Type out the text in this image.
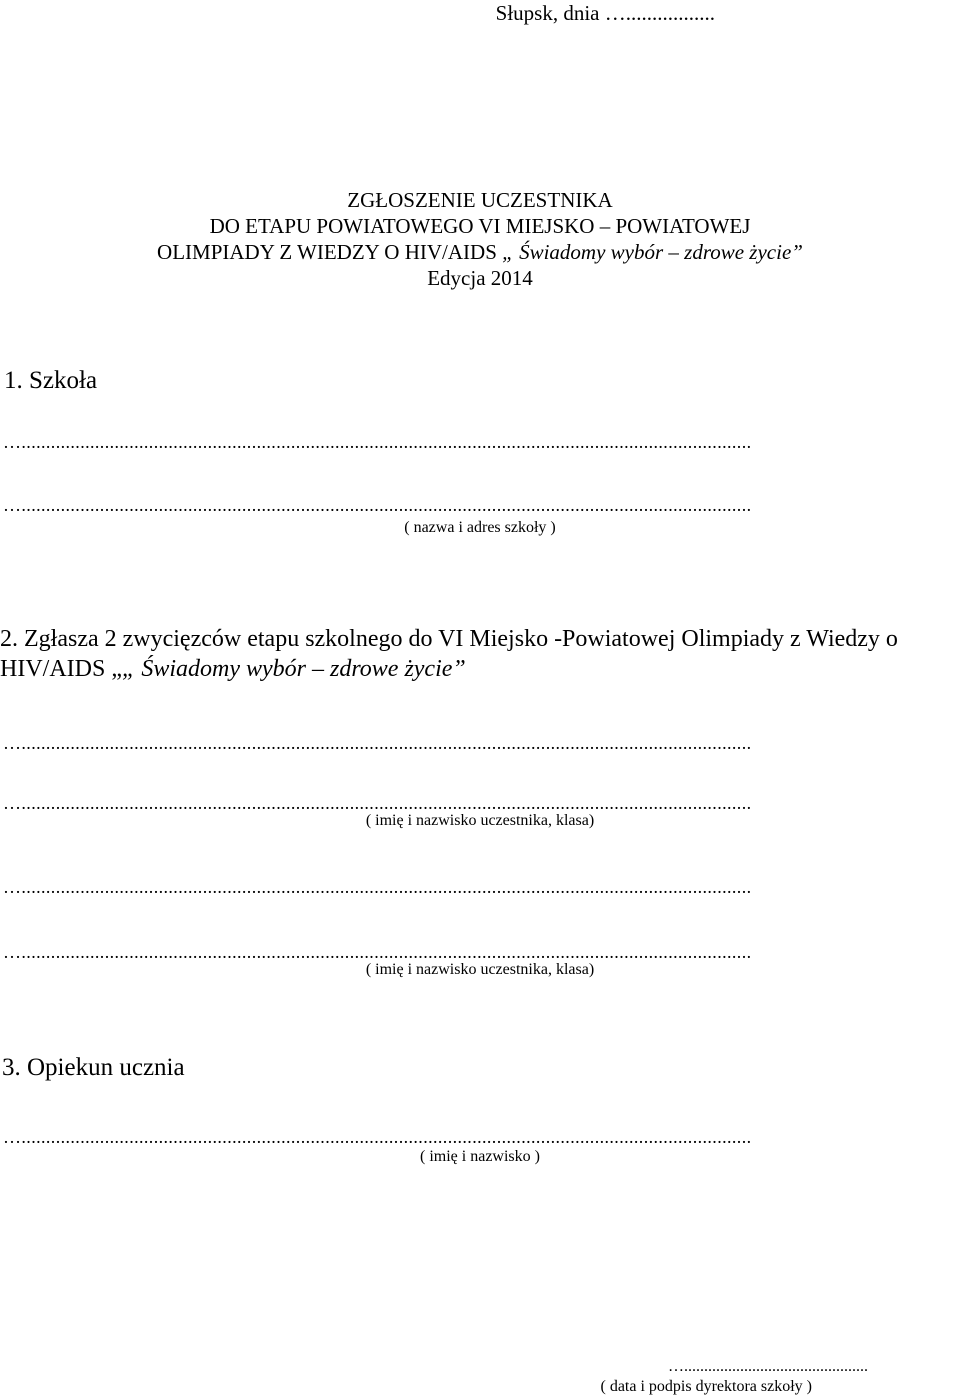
Słupsk, dnia ….................

ZGŁOSZENIE UCZESTNIKA
DO ETAPU POWIATOWEGO VI MIEJSKO – POWIATOWEJ
OLIMPIADY Z WIEDZY O HIV/AIDS „ Świadomy wybór – zdrowe życie”
Edycja 2014

1. Szkoła

….....................................................................................................................................................

….....................................................................................................................................................

( nazwa i adres szkoły )

2. Zgłasza 2 zwycięzców etapu szkolnego do VI Miejsko -Powiatowej Olimpiady z Wiedzy o HIV/AIDS „„ Świadomy wybór – zdrowe życie”

….....................................................................................................................................................

….....................................................................................................................................................

( imię i nazwisko uczestnika, klasa)

….....................................................................................................................................................

….....................................................................................................................................................

( imię i nazwisko uczestnika, klasa)

3. Opiekun ucznia

….....................................................................................................................................................

( imię i nazwisko )

…..............................................

( data i podpis dyrektora szkoły )
